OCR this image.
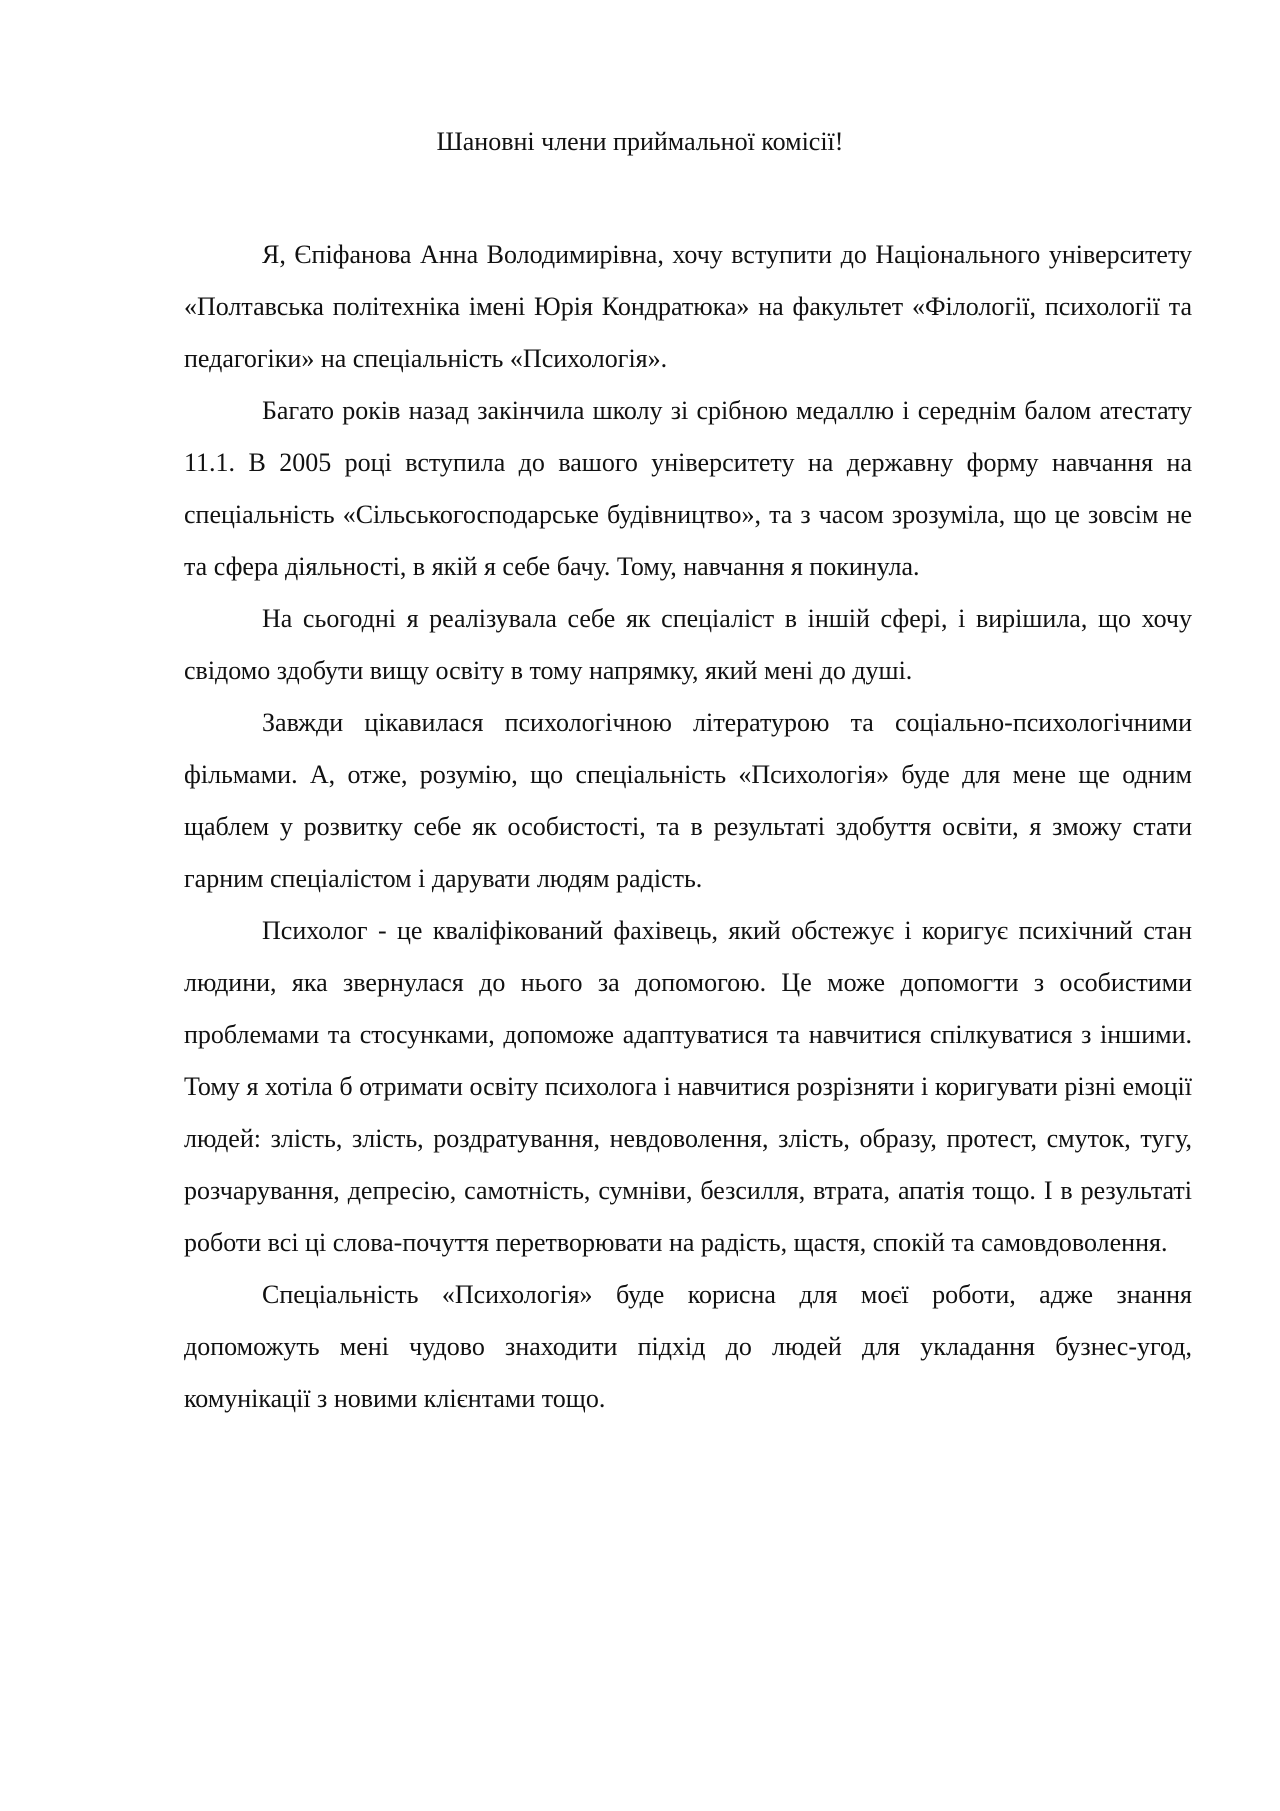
Шановні члени приймальної комісії!

Я, Єпіфанова Анна Володимирівна, хочу вступити до Національного університету «Полтавська політехніка імені Юрія Кондратюка» на факультет «Філології, психології та педагогіки» на спеціальність «Психологія».

Багато років назад закінчила школу зі срібною медаллю і середнім балом атестату 11.1. В 2005 році вступила до вашого університету на державну форму навчання на спеціальність «Сільськогосподарське будівництво», та з часом зрозуміла, що це зовсім не та сфера діяльності, в якій я себе бачу. Тому, навчання я покинула.

На сьогодні я реалізувала себе як спеціаліст в іншій сфері, і вирішила, що хочу свідомо здобути вищу освіту в тому напрямку, який мені до душі.

Завжди цікавилася психологічною літературою та соціально-психологічними фільмами. А, отже, розумію, що спеціальність «Психологія» буде для мене ще одним щаблем у розвитку себе як особистості, та в результаті здобуття освіти, я зможу стати гарним спеціалістом і дарувати людям радість.

Психолог - це кваліфікований фахівець, який обстежує і коригує психічний стан людини, яка звернулася до нього за допомогою. Це може допомогти з особистими проблемами та стосунками, допоможе адаптуватися та навчитися спілкуватися з іншими. Тому я хотіла б отримати освіту психолога і навчитися розрізняти і коригувати різні емоції людей: злість, злість, роздратування, невдоволення, злість, образу, протест, смуток, тугу, розчарування, депресію, самотність, сумніви, безсилля, втрата, апатія тощо. І в результаті роботи всі ці слова-почуття перетворювати на радість, щастя, спокій та самовдоволення.

Спеціальність «Психологія» буде корисна для моєї роботи, адже знання допоможуть мені чудово знаходити підхід до людей для укладання бузнес-угод, комунікації з новими клієнтами тощо.
